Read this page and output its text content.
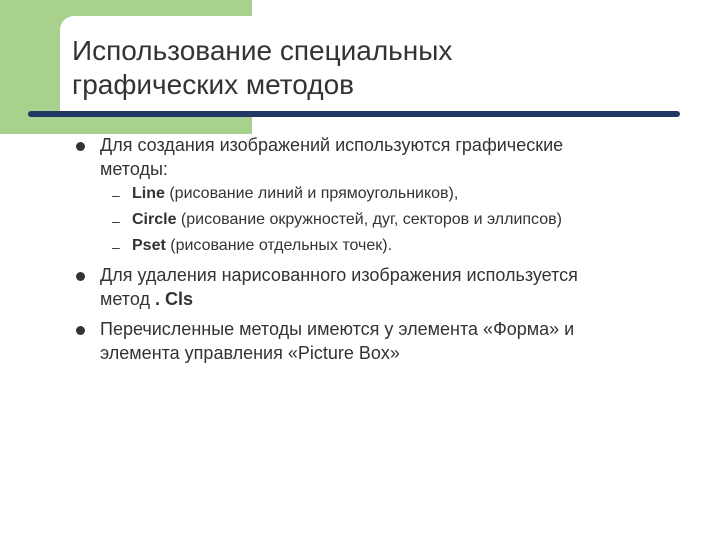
Использование специальных
графических методов
Для создания изображений используются графические
методы:
– Line (рисование линий и прямоугольников),
– Circle (рисование окружностей, дуг, секторов и эллипсов)
– Pset (рисование отдельных точек).
Для удаления нарисованного изображения используется
метод . Cls
Перечисленные методы имеются у элемента «Форма» и
элемента управления «Picture Box»
